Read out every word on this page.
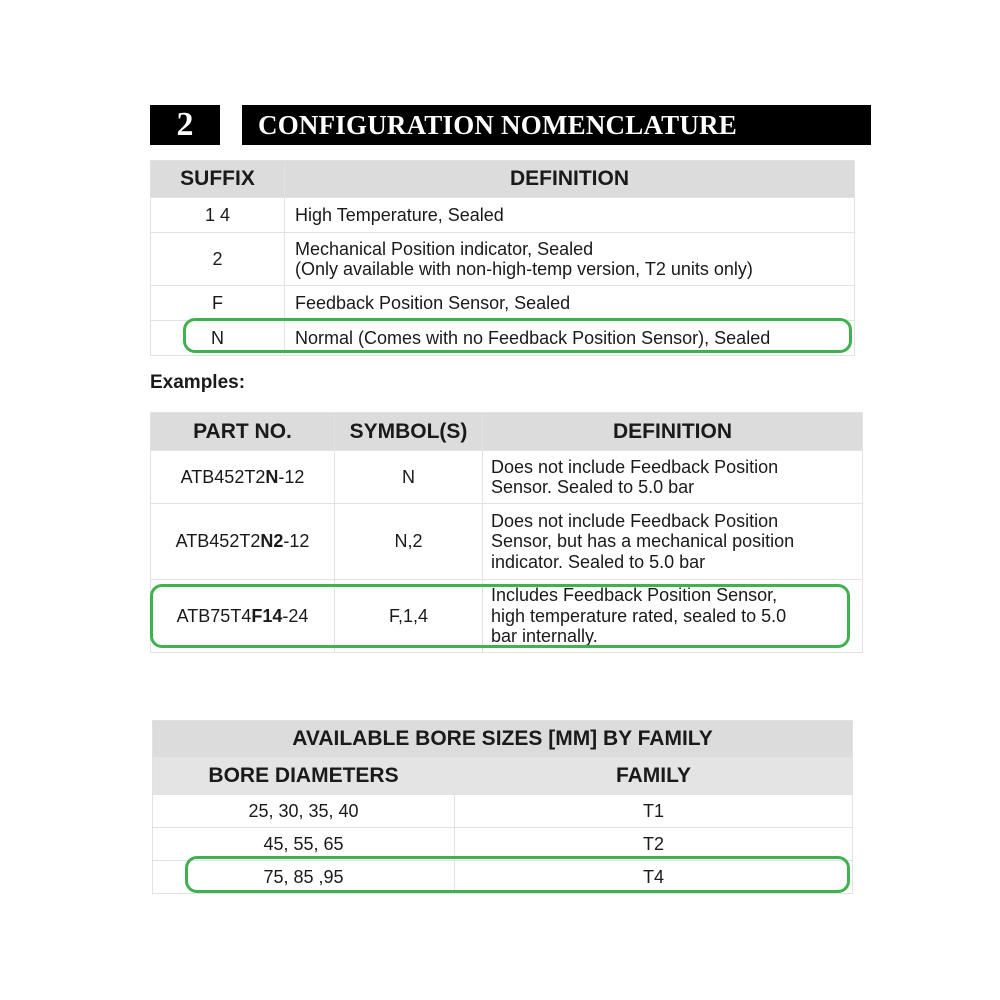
2	CONFIGURATION NOMENCLATURE
SUFFIX	DEFINITION
1 4	High Temperature, Sealed

2	Mechanical Position indicator, Sealed
(Only available with non-high-temp version, T2 units only)

F	Feedback Position Sensor, Sealed

N	Normal (Comes with no Feedback Position Sensor), Sealed
Examples:
PART NO.	SYMBOL(S)	DEFINITION
ATB452T2N-12	N	Does not include Feedback Position
Sensor. Sealed to 5.0 bar

ATB452T2N2-12	N,2	Does not include Feedback Position
Sensor, but has a mechanical position
indicator. Sealed to 5.0 bar

ATB75T4F14-24	F,1,4	Includes Feedback Position Sensor,
high temperature rated, sealed to 5.0
bar internally.
AVAILABLE BORE SIZES [MM] BY FAMILY	
BORE DIAMETERS	FAMILY
25, 30, 35, 40	T1
45, 55, 65	T2
75, 85 ,95	T4
